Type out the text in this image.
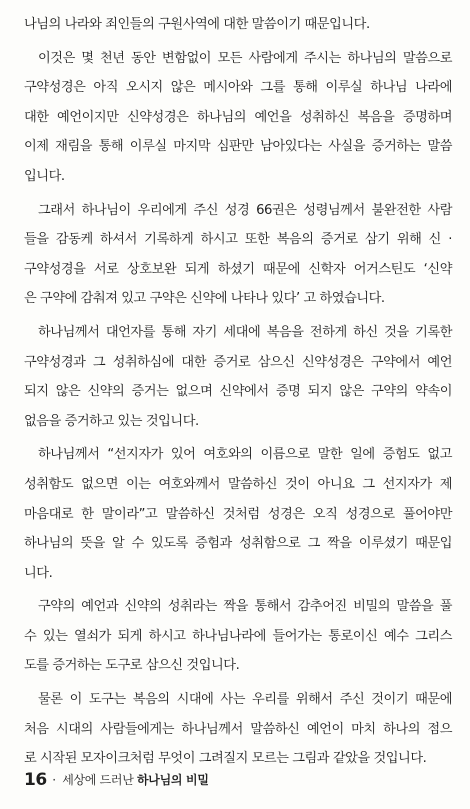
나님의 나라와 죄인들의 구원사역에 대한 말씀이기 때문입니다.

이것은 몇 천년 동안 변함없이 모든 사람에게 주시는 하나님의 말씀으로
구약성경은 아직 오시지 않은 메시아와 그를 통해 이루실 하나님 나라에
대한 예언이지만 신약성경은 하나님의 예언을 성취하신 복음을 증명하며
이제 재림을 통해 이루실 마지막 심판만 남아있다는 사실을 증거하는 말씀
입니다.

그래서 하나님이 우리에게 주신 성경 66권은 성령님께서 불완전한 사람
들을 감동케 하셔서 기록하게 하시고 또한 복음의 증거로 삼기 위해 신 ·
구약성경을 서로 상호보완 되게 하셨기 때문에 신학자 어거스틴도 ‘신약
은 구약에 감춰져 있고 구약은 신약에 나타나 있다’ 고 하였습니다.

하나님께서 대언자를 통해 자기 세대에 복음을 전하게 하신 것을 기록한
구약성경과 그 성취하심에 대한 증거로 삼으신 신약성경은 구약에서 예언
되지 않은 신약의 증거는 없으며 신약에서 증명 되지 않은 구약의 약속이
없음을 증거하고 있는 것입니다.

하나님께서 “선지자가 있어 여호와의 이름으로 말한 일에 증험도 없고
성취함도 없으면 이는 여호와께서 말씀하신 것이 아니요 그 선지자가 제
마음대로 한 말이라”고 말씀하신 것처럼 성경은 오직 성경으로 풀어야만
하나님의 뜻을 알 수 있도록 증험과 성취함으로 그 짝을 이루셨기 때문입
니다.

구약의 예언과 신약의 성취라는 짝을 통해서 감추어진 비밀의 말씀을 풀
수 있는 열쇠가 되게 하시고 하나님나라에 들어가는 통로이신 예수 그리스
도를 증거하는 도구로 삼으신 것입니다.

물론 이 도구는 복음의 시대에 사는 우리를 위해서 주신 것이기 때문에
처음 시대의 사람들에게는 하나님께서 말씀하신 예언이 마치 하나의 점으
로 시작된 모자이크처럼 무엇이 그려질지 모르는 그림과 같았을 것입니다.

16 · 세상에 드러난 하나님의 비밀
